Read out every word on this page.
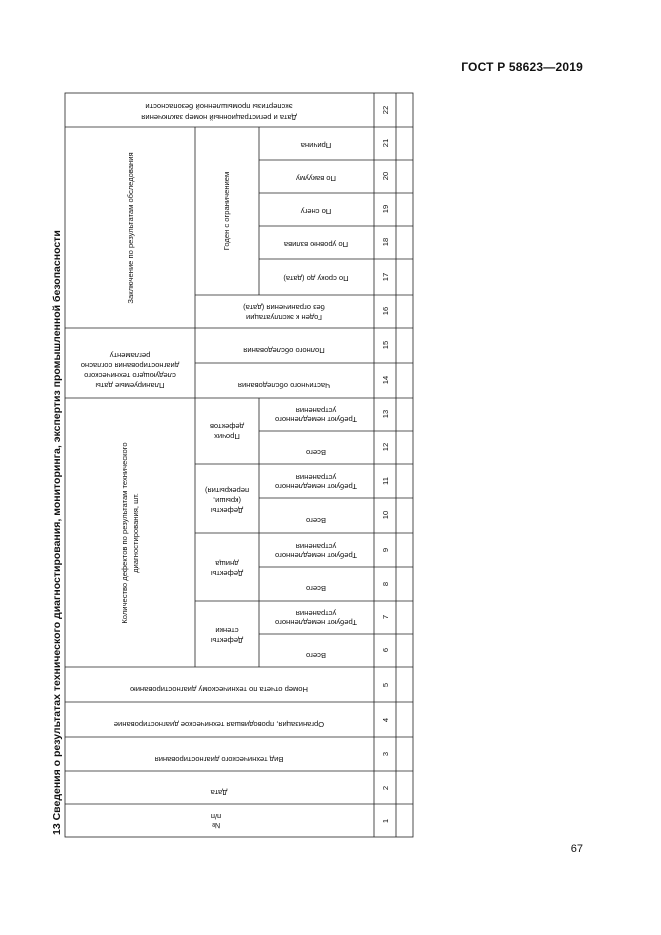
ГОСТ Р 58623—2019
13 Сведения о результатах технического диагностирования, мониторинга, экспертиз промышленной безопасности
67
Дата и регистрационный номер заключения
экспертизы промышленной безопасности
Причина
По вакууму
По снегу
По уровню взлива
По сроку до (дата)
Годен с ограничением
Годен к эксплуатации
без ограничения (дата)
Заключение по результатам обследования
Полного обследования
Частичного обследования
Планируемые даты
следующего технического
диагностирования согласно
регламенту
Требуют немедленного
устранения
Всего
Прочих
дефектов
Требуют немедленного
устранения
Всего
Дефекты
(крыши,
перекрытия)
Требуют немедленного
устранения
Всего
Дефекты
днища
Требуют немедленного
устранения
Всего
Дефекты
стенки
Количество дефектов по результатам технического диагностирования, шт.
Номер отчета по техническому диагностированию
Организация, проводившая техническое диагностирование
Вид технического диагностирования
Дата
№
п/п
22
21
20
19
18
17
16
15
14
13
12
11
10
9
8
7
6
5
4
3
2
1
